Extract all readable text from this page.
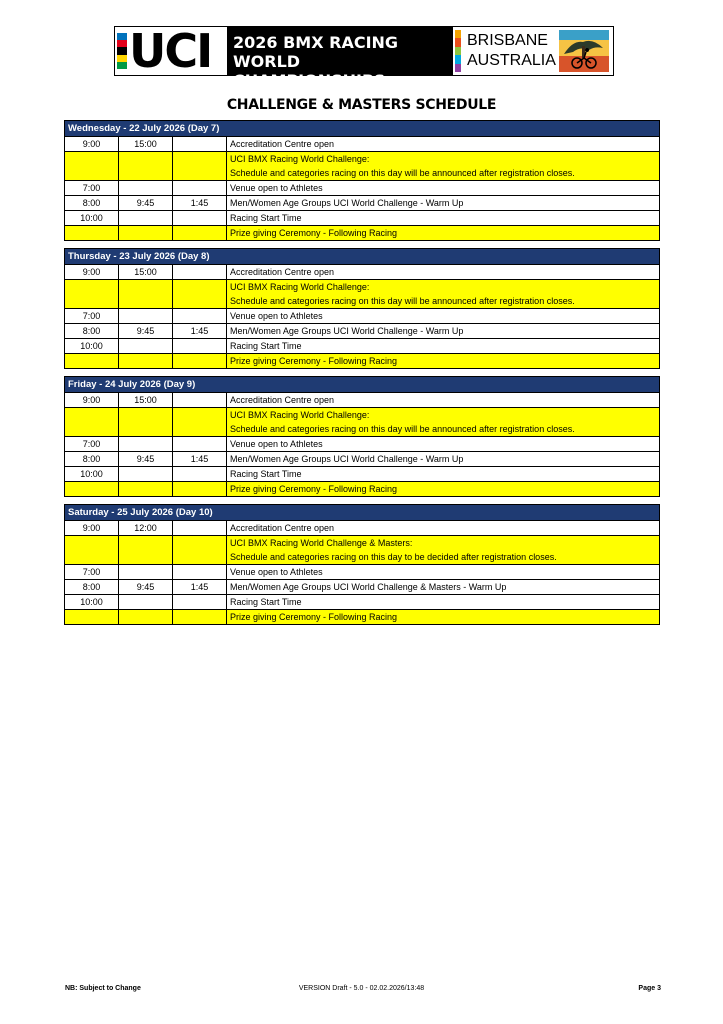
UCI 2026 BMX RACING
WORLD CHAMPIONSHIPS
BRISBANE
AUSTRALIA
CHALLENGE & MASTERS SCHEDULE
Wednesday - 22 July 2026 (Day 7)			
9:00	15:00		Accreditation Centre open

			UCI BMX Racing World Challenge:
Schedule and categories racing on this day will be announced after registration closes.

7:00			Venue open to Athletes
8:00	9:45	1:45	Men/Women Age Groups UCI World Challenge - Warm Up
10:00			Racing Start Time
			Prize giving Ceremony - Following Racing
Thursday - 23 July 2026 (Day 8)			
9:00	15:00		Accreditation Centre open

			UCI BMX Racing World Challenge:
Schedule and categories racing on this day will be announced after registration closes.

7:00			Venue open to Athletes
8:00	9:45	1:45	Men/Women Age Groups UCI World Challenge - Warm Up
10:00			Racing Start Time
			Prize giving Ceremony - Following Racing
Friday - 24 July 2026 (Day 9)			
9:00	15:00		Accreditation Centre open

			UCI BMX Racing World Challenge:
Schedule and categories racing on this day will be announced after registration closes.

7:00			Venue open to Athletes
8:00	9:45	1:45	Men/Women Age Groups UCI World Challenge - Warm Up
10:00			Racing Start Time
			Prize giving Ceremony - Following Racing
Saturday - 25 July 2026 (Day 10)			
9:00	12:00		Accreditation Centre open

			UCI BMX Racing World Challenge & Masters:
Schedule and categories racing on this day to be decided after registration closes.

7:00			Venue open to Athletes
8:00	9:45	1:45	Men/Women Age Groups UCI World Challenge & Masters - Warm Up
10:00			Racing Start Time
			Prize giving Ceremony - Following Racing
NB: Subject to Change	VERSION Draft - 5.0 - 02.02.2026/13:48	Page 3
